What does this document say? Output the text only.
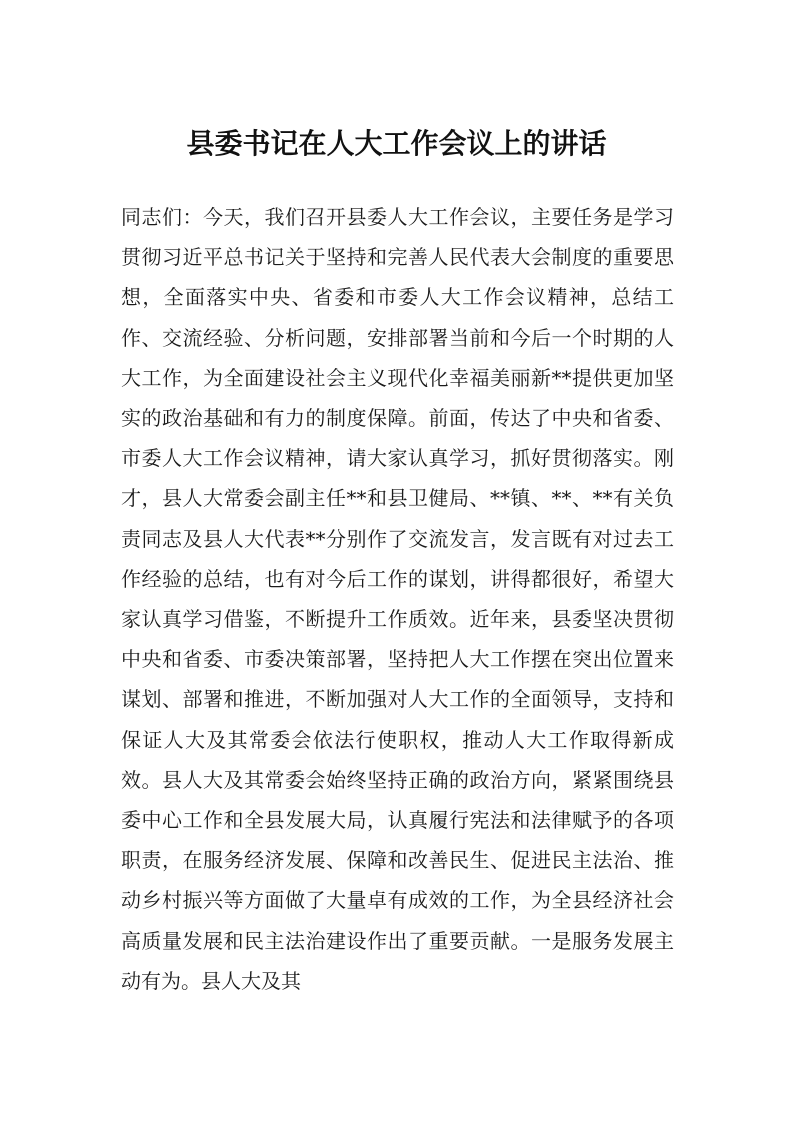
县委书记在人大工作会议上的讲话

同志们：今天，我们召开县委人大工作会议，主要任务是学习贯彻习近平总书记关于坚持和完善人民代表大会制度的重要思想，全面落实中央、省委和市委人大工作会议精神，总结工作、交流经验、分析问题，安排部署当前和今后一个时期的人大工作，为全面建设社会主义现代化幸福美丽新**提供更加坚实的政治基础和有力的制度保障。前面，传达了中央和省委、市委人大工作会议精神，请大家认真学习，抓好贯彻落实。刚才，县人大常委会副主任**和县卫健局、**镇、**、**有关负责同志及县人大代表**分别作了交流发言，发言既有对过去工作经验的总结，也有对今后工作的谋划，讲得都很好，希望大家认真学习借鉴，不断提升工作质效。近年来，县委坚决贯彻中央和省委、市委决策部署，坚持把人大工作摆在突出位置来谋划、部署和推进，不断加强对人大工作的全面领导，支持和保证人大及其常委会依法行使职权，推动人大工作取得新成效。县人大及其常委会始终坚持正确的政治方向，紧紧围绕县委中心工作和全县发展大局，认真履行宪法和法律赋予的各项职责，在服务经济发展、保障和改善民生、促进民主法治、推动乡村振兴等方面做了大量卓有成效的工作，为全县经济社会高质量发展和民主法治建设作出了重要贡献。一是服务发展主动有为。县人大及其
